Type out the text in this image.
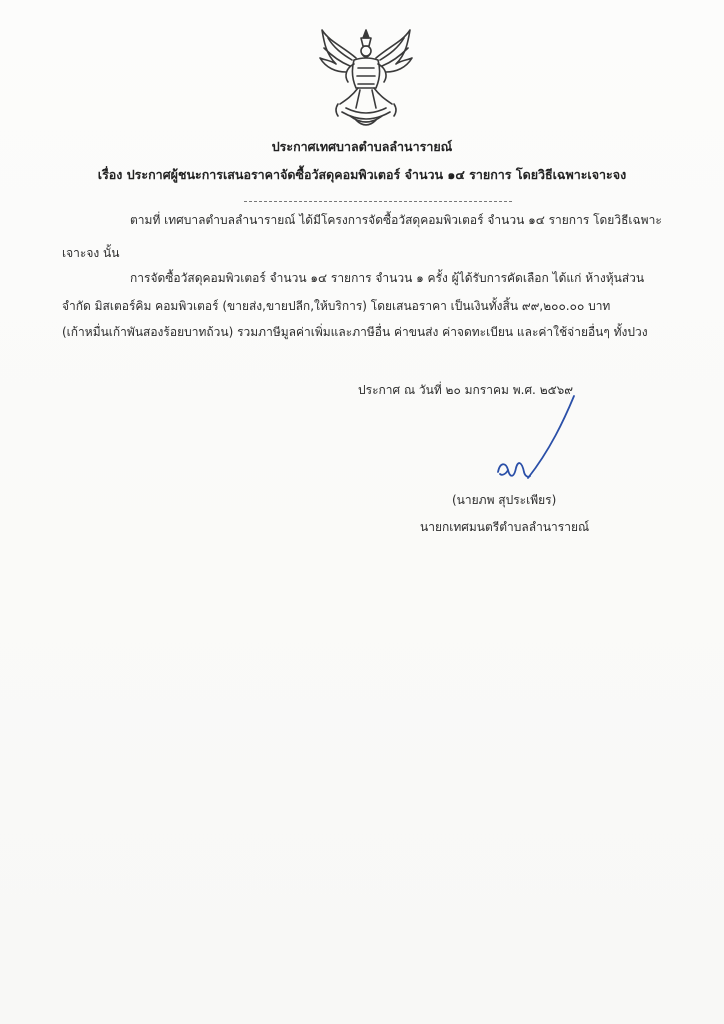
ประกาศเทศบาลตำบลลำนารายณ์
เรื่อง ประกาศผู้ชนะการเสนอราคาจัดซื้อวัสดุคอมพิวเตอร์ จำนวน ๑๔ รายการ โดยวิธีเฉพาะเจาะจง
ตามที่ เทศบาลตำบลลำนารายณ์ ได้มีโครงการจัดซื้อวัสดุคอมพิวเตอร์ จำนวน ๑๔ รายการ โดยวิธีเฉพาะ
เจาะจง นั้น
การจัดซื้อวัสดุคอมพิวเตอร์ จำนวน ๑๔ รายการ จำนวน ๑ ครั้ง ผู้ได้รับการคัดเลือก ได้แก่ ห้างหุ้นส่วน
จำกัด มิสเตอร์คิม คอมพิวเตอร์ (ขายส่ง,ขายปลีก,ให้บริการ) โดยเสนอราคา เป็นเงินทั้งสิ้น ๙๙,๒๐๐.๐๐ บาท
(เก้าหมื่นเก้าพันสองร้อยบาทถ้วน) รวมภาษีมูลค่าเพิ่มและภาษีอื่น ค่าขนส่ง ค่าจดทะเบียน และค่าใช้จ่ายอื่นๆ ทั้งปวง
ประกาศ ณ วันที่ ๒๐ มกราคม พ.ศ. ๒๕๖๙
(นายภพ สุประเพียร)
นายกเทศมนตรีตำบลลำนารายณ์
